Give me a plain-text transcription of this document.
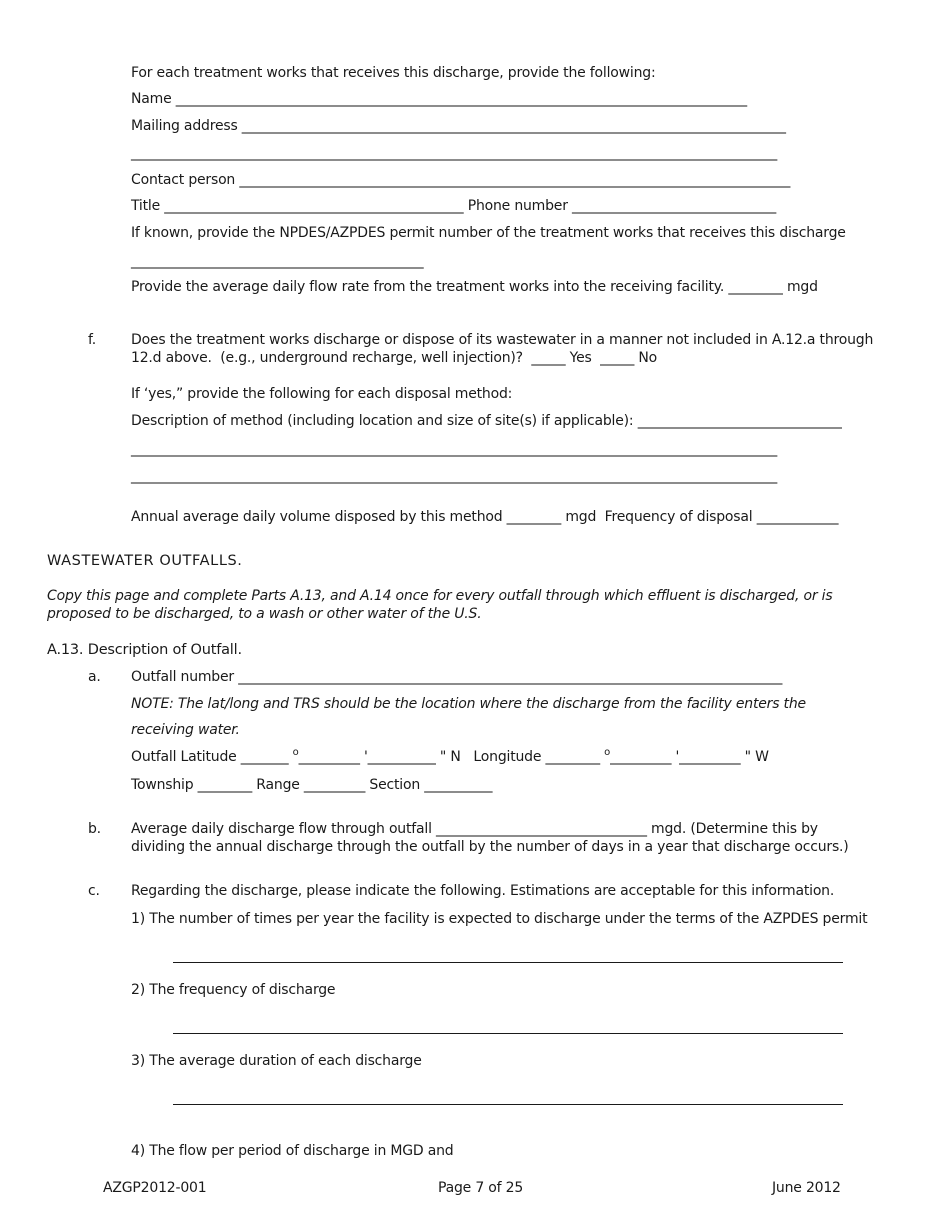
For each treatment works that receives this discharge, provide the following:
Name ____________________________________________________________________________________
Mailing address ________________________________________________________________________________
_______________________________________________________________________________________________
Contact person _________________________________________________________________________________
Title ____________________________________________ Phone number ______________________________
If known, provide the NPDES/AZPDES permit number of the treatment works that receives this discharge
___________________________________________
Provide the average daily flow rate from the treatment works into the receiving facility. ________ mgd
f.	Does the treatment works discharge or dispose of its wastewater in a manner not included in A.12.a through
12.d above.  (e.g., underground recharge, well injection)?  _____ Yes  _____ No
If ‘yes,” provide the following for each disposal method:
Description of method (including location and size of site(s) if applicable): ______________________________
_______________________________________________________________________________________________
_______________________________________________________________________________________________
Annual average daily volume disposed by this method ________ mgd  Frequency of disposal ____________
WASTEWATER OUTFALLS.
Copy this page and complete Parts A.13, and A.14 once for every outfall through which effluent is discharged, or is
proposed to be discharged, to a wash or other water of the U.S.
A.13. Description of Outfall.
a. Outfall number ________________________________________________________________________________
NOTE: The lat/long and TRS should be the location where the discharge from the facility enters the
receiving water.
Outfall Latitude _______ $^o$_________ '__________ " N   Longitude ________ $^o$_________ '_________ " W
Township ________ Range _________ Section __________
b. Average daily discharge flow through outfall _______________________________ mgd. (Determine this by
dividing the annual discharge through the outfall by the number of days in a year that discharge occurs.)
c. Regarding the discharge, please indicate the following. Estimations are acceptable for this information.
1) The number of times per year the facility is expected to discharge under the terms of the AZPDES permit
2) The frequency of discharge
3) The average duration of each discharge
4) The flow per period of discharge in MGD and
AZGP2012-001	Page 7 of 25	June 2012
